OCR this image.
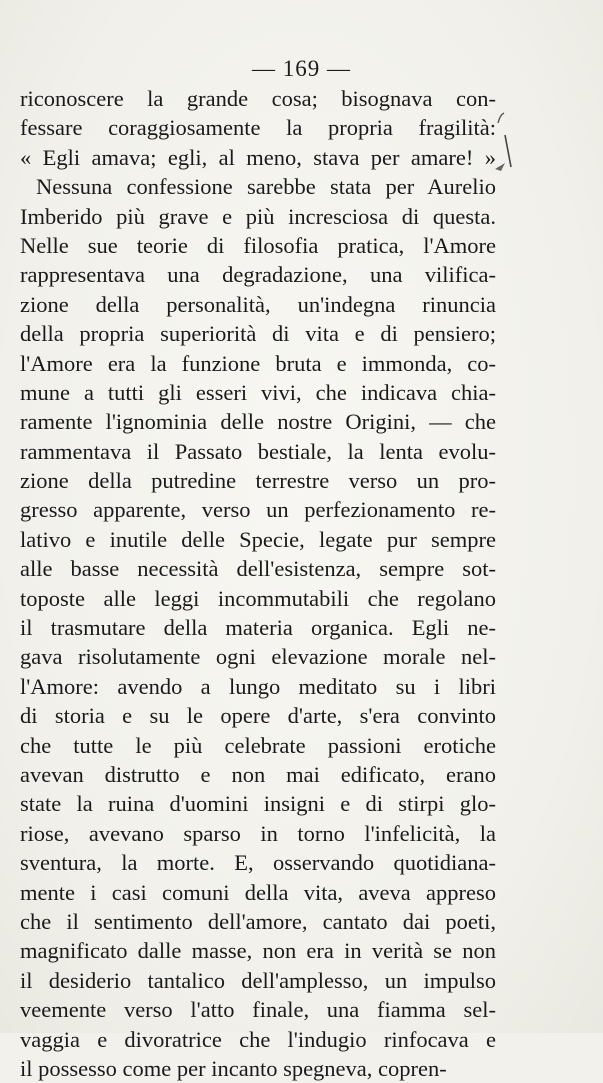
— 169 —
riconoscere la grande cosa; bisognava con-
fessare coraggiosamente la propria fragilità:
« Egli amava; egli, al meno, stava per amare! »
Nessuna confessione sarebbe stata per Aurelio
Imberido più grave e più incresciosa di questa.
Nelle sue teorie di filosofia pratica, l'Amore
rappresentava una degradazione, una vilifica-
zione della personalità, un'indegna rinuncia
della propria superiorità di vita e di pensiero;
l'Amore era la funzione bruta e immonda, co-
mune a tutti gli esseri vivi, che indicava chia-
ramente l'ignominia delle nostre Origini, — che
rammentava il Passato bestiale, la lenta evolu-
zione della putredine terrestre verso un pro-
gresso apparente, verso un perfezionamento re-
lativo e inutile delle Specie, legate pur sempre
alle basse necessità dell'esistenza, sempre sot-
toposte alle leggi incommutabili che regolano
il trasmutare della materia organica. Egli ne-
gava risolutamente ogni elevazione morale nel-
l'Amore: avendo a lungo meditato su i libri
di storia e su le opere d'arte, s'era convinto
che tutte le più celebrate passioni erotiche
avevan distrutto e non mai edificato, erano
state la ruina d'uomini insigni e di stirpi glo-
riose, avevano sparso in torno l'infelicità, la
sventura, la morte. E, osservando quotidiana-
mente i casi comuni della vita, aveva appreso
che il sentimento dell'amore, cantato dai poeti,
magnificato dalle masse, non era in verità se non
il desiderio tantalico dell'amplesso, un impulso
veemente verso l'atto finale, una fiamma sel-
vaggia e divoratrice che l'indugio rinfocava e
il possesso come per incanto spegneva, copren-
